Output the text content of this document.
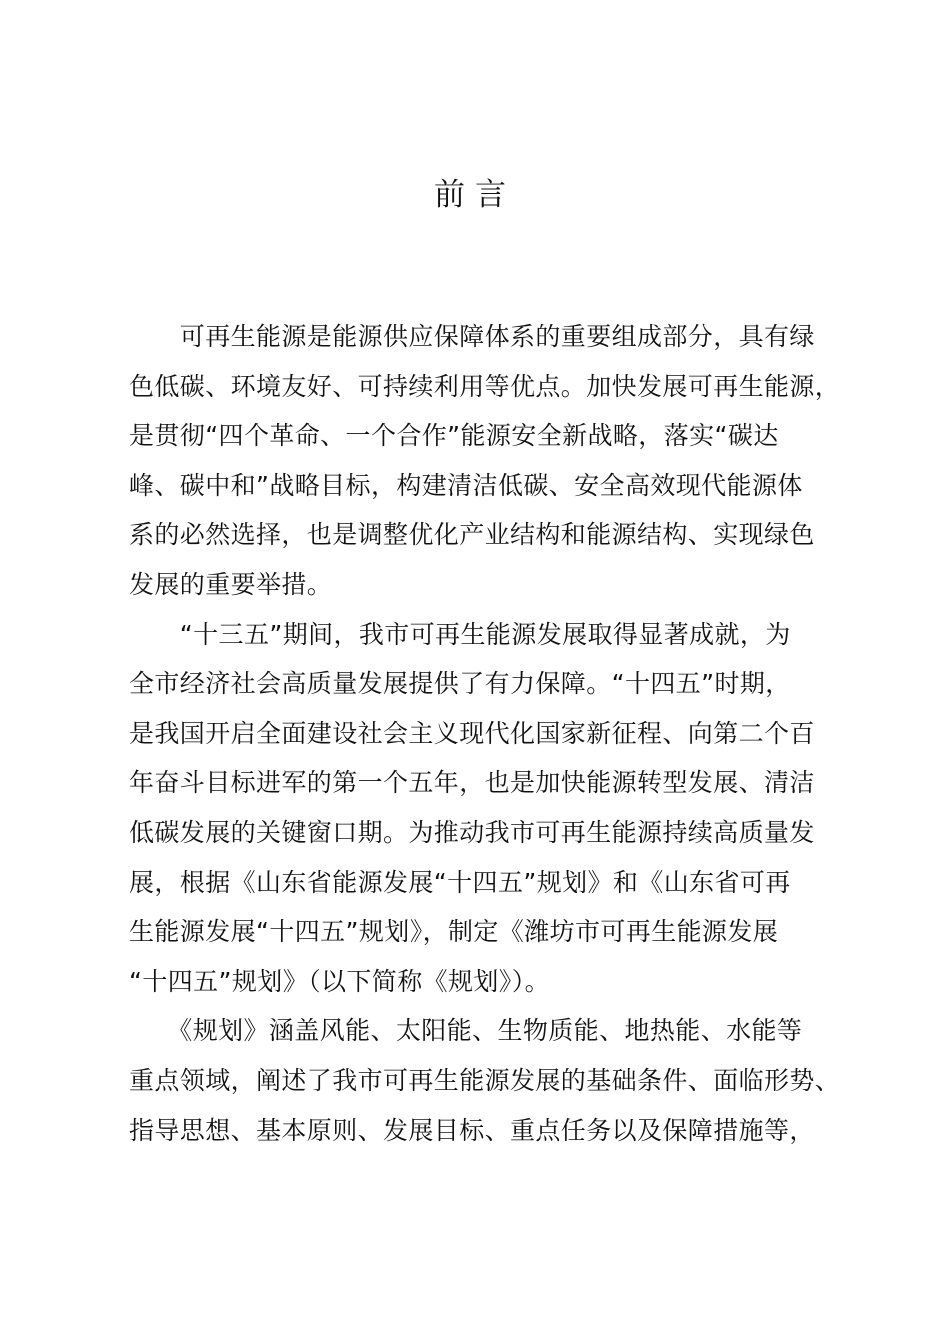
前言
　　可再生能源是能源供应保障体系的重要组成部分，具有绿
色低碳、环境友好、可持续利用等优点。加快发展可再生能源，
是贯彻“四个革命、一个合作”能源安全新战略，落实“碳达
峰、碳中和”战略目标，构建清洁低碳、安全高效现代能源体
系的必然选择，也是调整优化产业结构和能源结构、实现绿色
发展的重要举措。
　　“十三五”期间，我市可再生能源发展取得显著成就，为
全市经济社会高质量发展提供了有力保障。“十四五”时期，
是我国开启全面建设社会主义现代化国家新征程、向第二个百
年奋斗目标进军的第一个五年，也是加快能源转型发展、清洁
低碳发展的关键窗口期。为推动我市可再生能源持续高质量发
展，根据《山东省能源发展“十四五”规划》和《山东省可再
生能源发展“十四五”规划》，制定《潍坊市可再生能源发展
“十四五”规划》（以下简称《规划》）。
　　《规划》涵盖风能、太阳能、生物质能、地热能、水能等
重点领域，阐述了我市可再生能源发展的基础条件、面临形势、
指导思想、基本原则、发展目标、重点任务以及保障措施等，
